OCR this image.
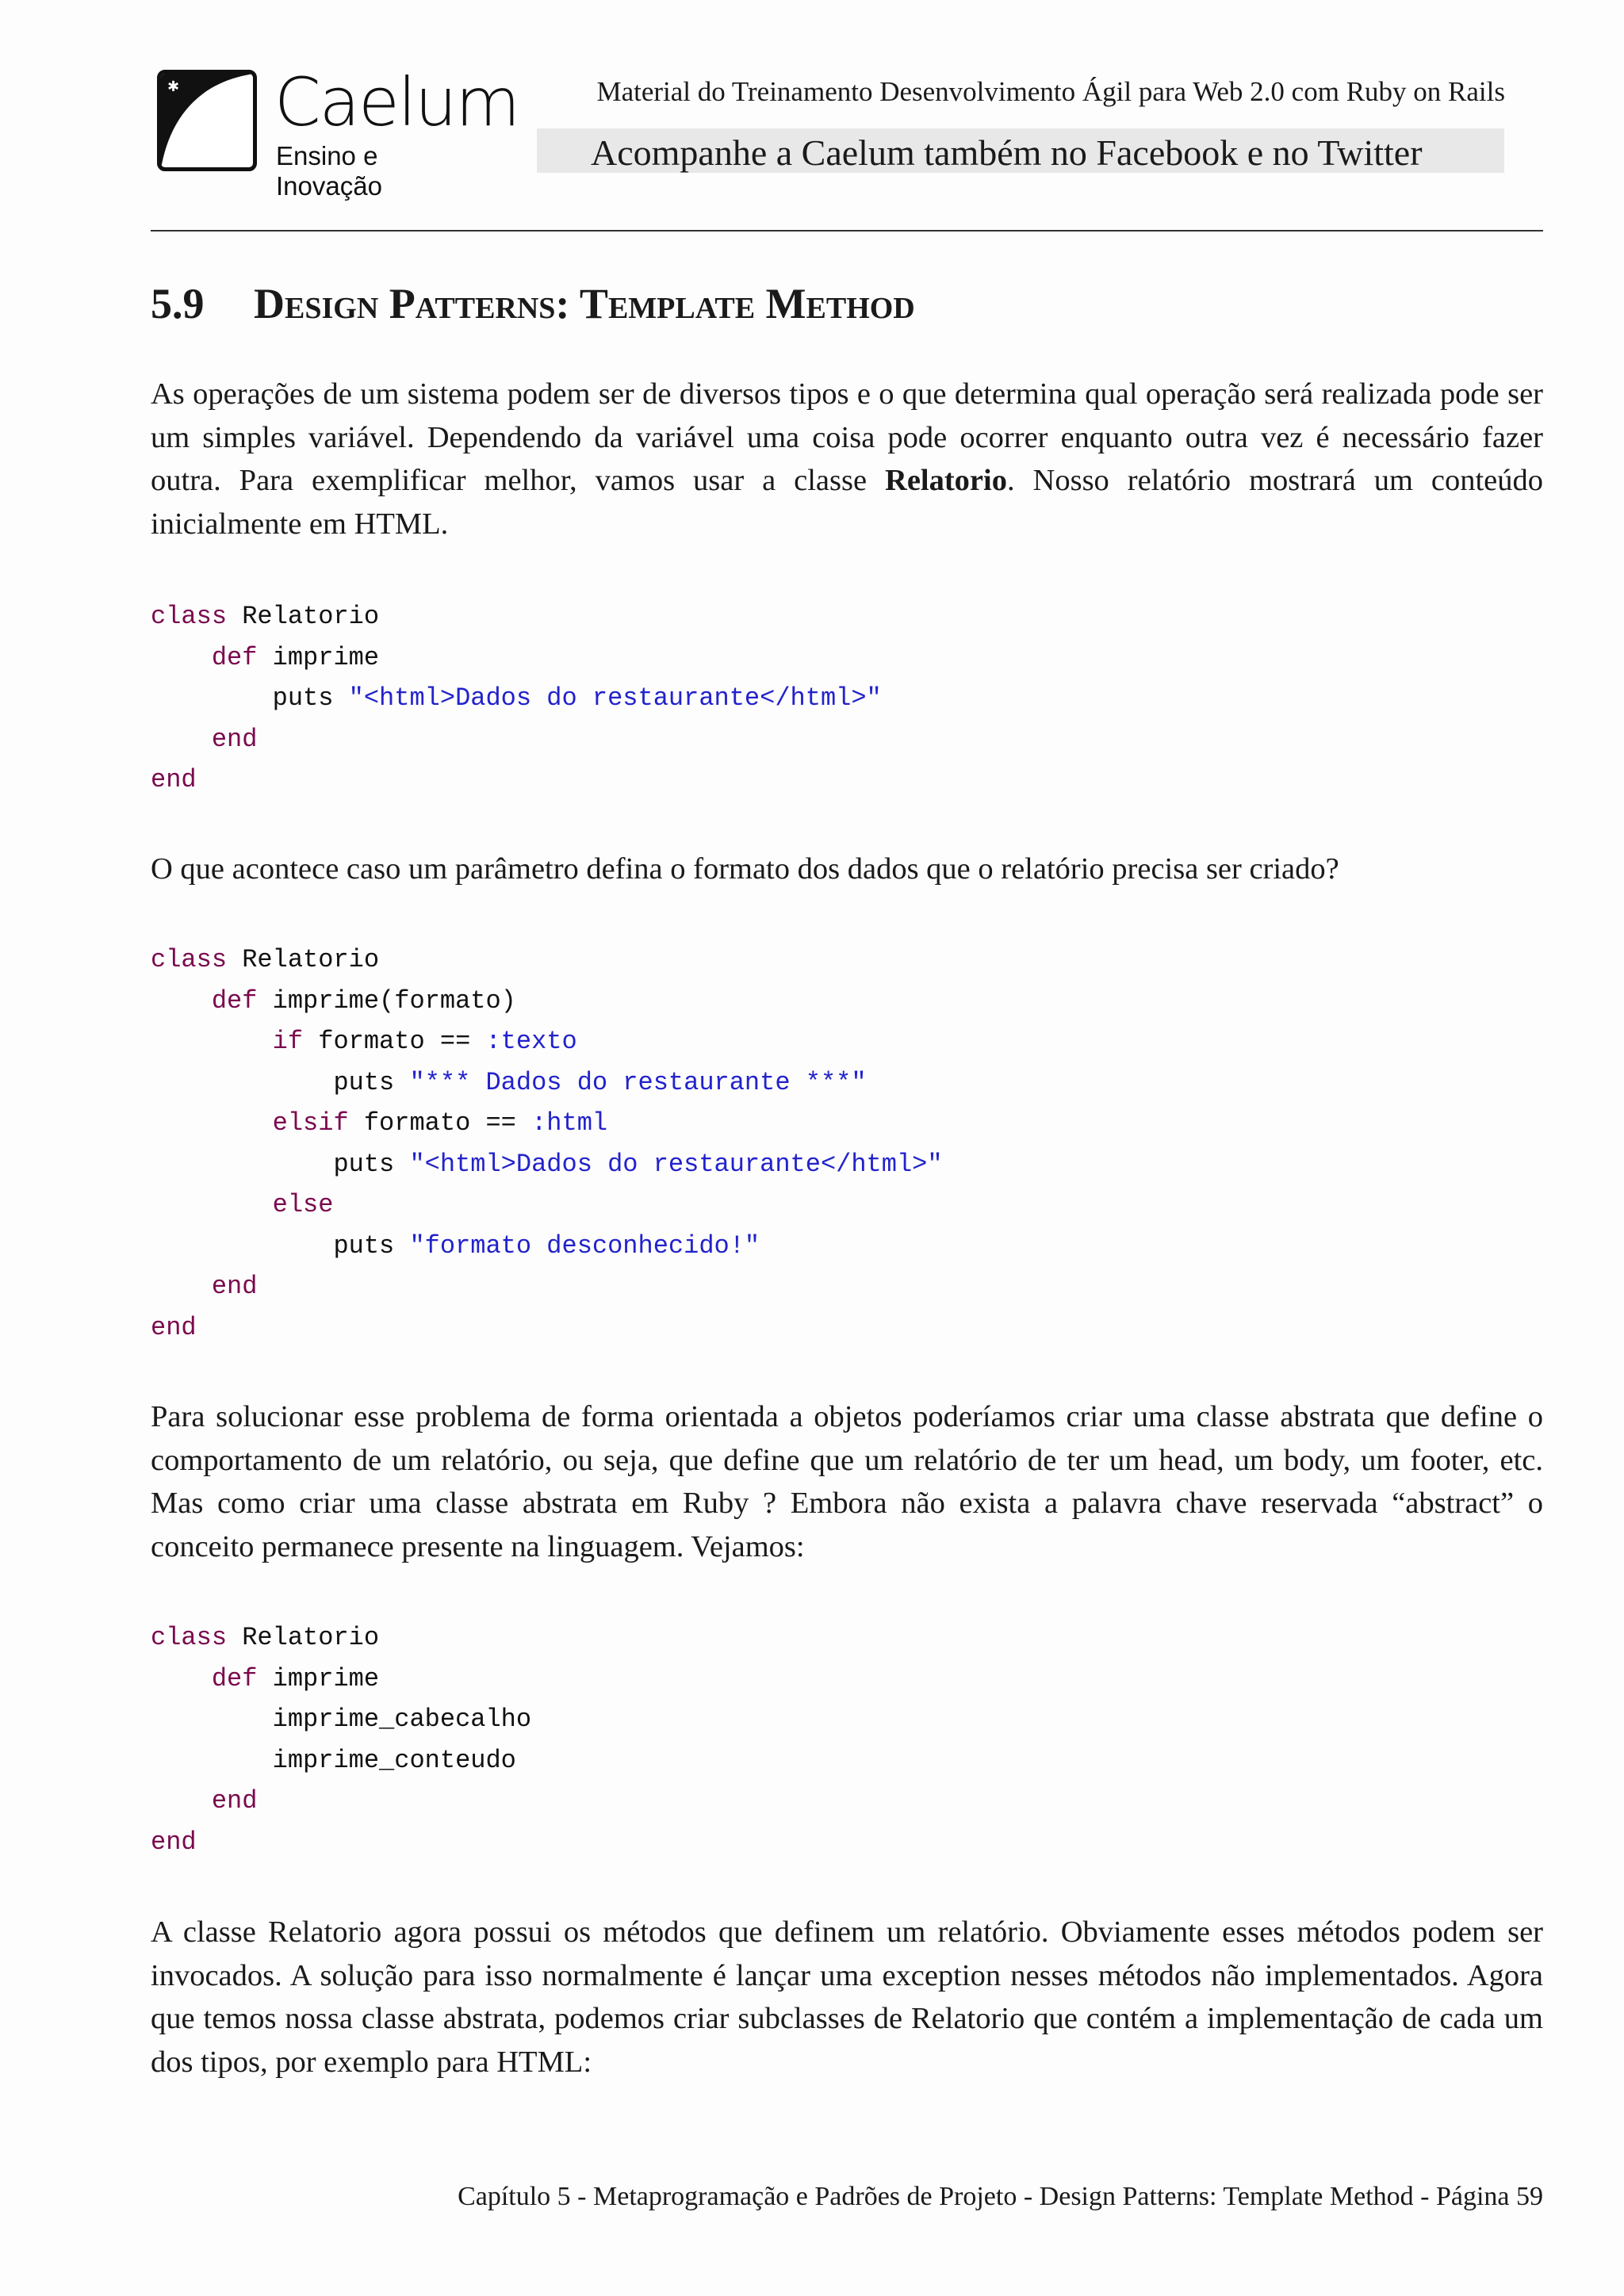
✱ Caelum
Ensino e Inovação
Material do Treinamento Desenvolvimento Ágil para Web 2.0 com Ruby on Rails
Acompanhe a Caelum também no Facebook e no Twitter
5.9 Design Patterns: Template Method
As operações de um sistema podem ser de diversos tipos e o que determina qual operação será realizada pode ser um simples variável. Dependendo da variável uma coisa pode ocorrer enquanto outra vez é necessário fazer outra. Para exemplificar melhor, vamos usar a classe Relatorio. Nosso relatório mostrará um conteúdo inicialmente em HTML.
O que acontece caso um parâmetro defina o formato dos dados que o relatório precisa ser criado?
Para solucionar esse problema de forma orientada a objetos poderíamos criar uma classe abstrata que define o comportamento de um relatório, ou seja, que define que um relatório de ter um head, um body, um footer, etc. Mas como criar uma classe abstrata em Ruby ? Embora não exista a palavra chave reservada “abstract” o conceito permanece presente na linguagem. Vejamos:
A classe Relatorio agora possui os métodos que definem um relatório. Obviamente esses métodos podem ser invocados. A solução para isso normalmente é lançar uma exception nesses métodos não implementados. Agora que temos nossa classe abstrata, podemos criar subclasses de Relatorio que contém a implementação de cada um dos tipos, por exemplo para HTML:
class Relatorio
def imprime
puts "<html>Dados do restaurante</html>"
end
end
class Relatorio
def imprime(formato)
if formato == :texto
puts "*** Dados do restaurante ***"
elsif formato == :html
puts "<html>Dados do restaurante</html>"
else
puts "formato desconhecido!"
end
end
class Relatorio
def imprime
imprime_cabecalho
imprime_conteudo
end
end
Capítulo 5 - Metaprogramação e Padrões de Projeto - Design Patterns: Template Method - Página 59
